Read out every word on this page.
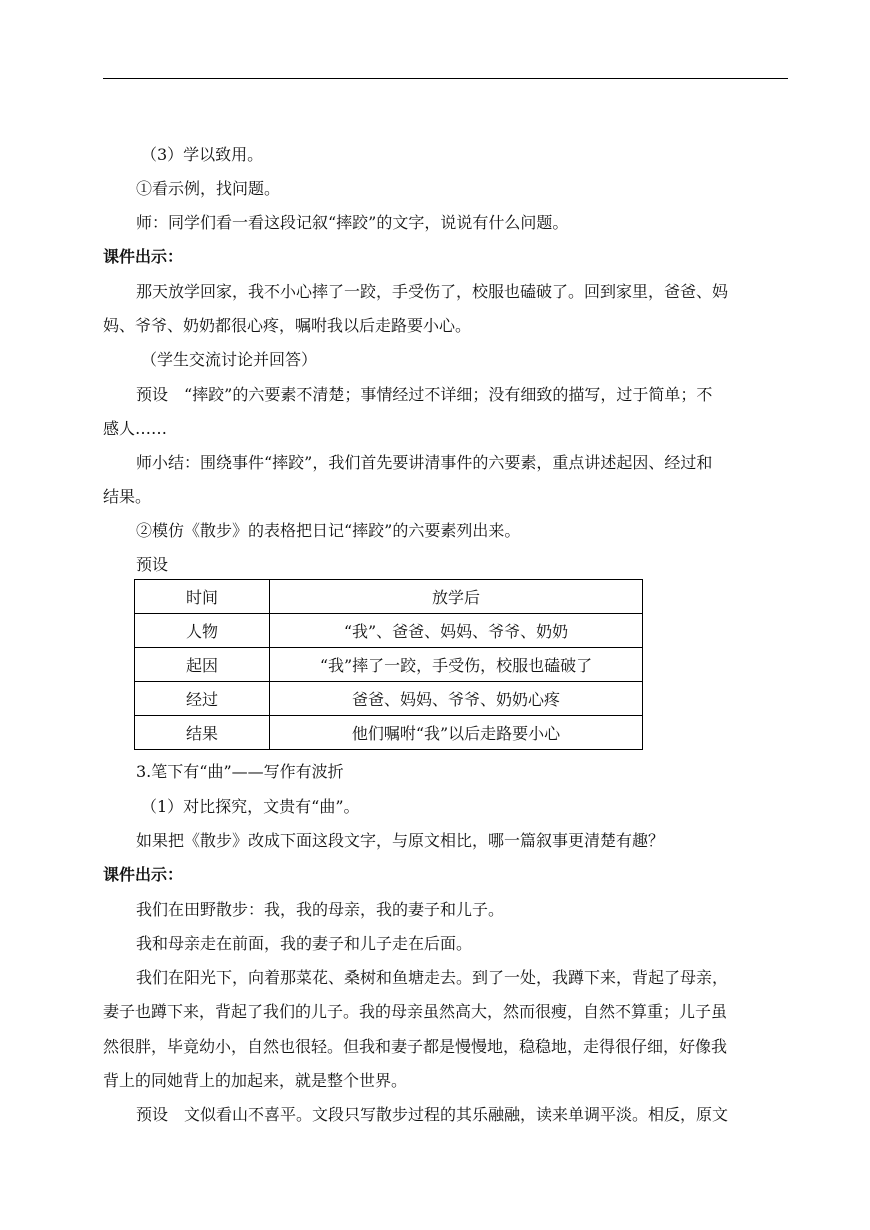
（3）学以致用。
①看示例，找问题。
师：同学们看一看这段记叙“摔跤”的文字，说说有什么问题。
课件出示：
那天放学回家，我不小心摔了一跤，手受伤了，校服也磕破了。回到家里，爸爸、妈
妈、爷爷、奶奶都很心疼，嘱咐我以后走路要小心。
（学生交流讨论并回答）
预设　“摔跤”的六要素不清楚；事情经过不详细；没有细致的描写，过于简单；不
感人……
师小结：围绕事件“摔跤”，我们首先要讲清事件的六要素，重点讲述起因、经过和
结果。
②模仿《散步》的表格把日记“摔跤”的六要素列出来。
预设
时间	放学后
人物	“我”、爸爸、妈妈、爷爷、奶奶
起因	“我”摔了一跤，手受伤，校服也磕破了
经过	爸爸、妈妈、爷爷、奶奶心疼
结果	他们嘱咐“我”以后走路要小心
3.笔下有“曲”——写作有波折
（1）对比探究，文贵有“曲”。
如果把《散步》改成下面这段文字，与原文相比，哪一篇叙事更清楚有趣？
课件出示：
我们在田野散步：我，我的母亲，我的妻子和儿子。
我和母亲走在前面，我的妻子和儿子走在后面。
我们在阳光下，向着那菜花、桑树和鱼塘走去。到了一处，我蹲下来，背起了母亲，
妻子也蹲下来，背起了我们的儿子。我的母亲虽然高大，然而很瘦，自然不算重；儿子虽
然很胖，毕竟幼小，自然也很轻。但我和妻子都是慢慢地，稳稳地，走得很仔细，好像我
背上的同她背上的加起来，就是整个世界。
预设　文似看山不喜平。文段只写散步过程的其乐融融，读来单调平淡。相反，原文
